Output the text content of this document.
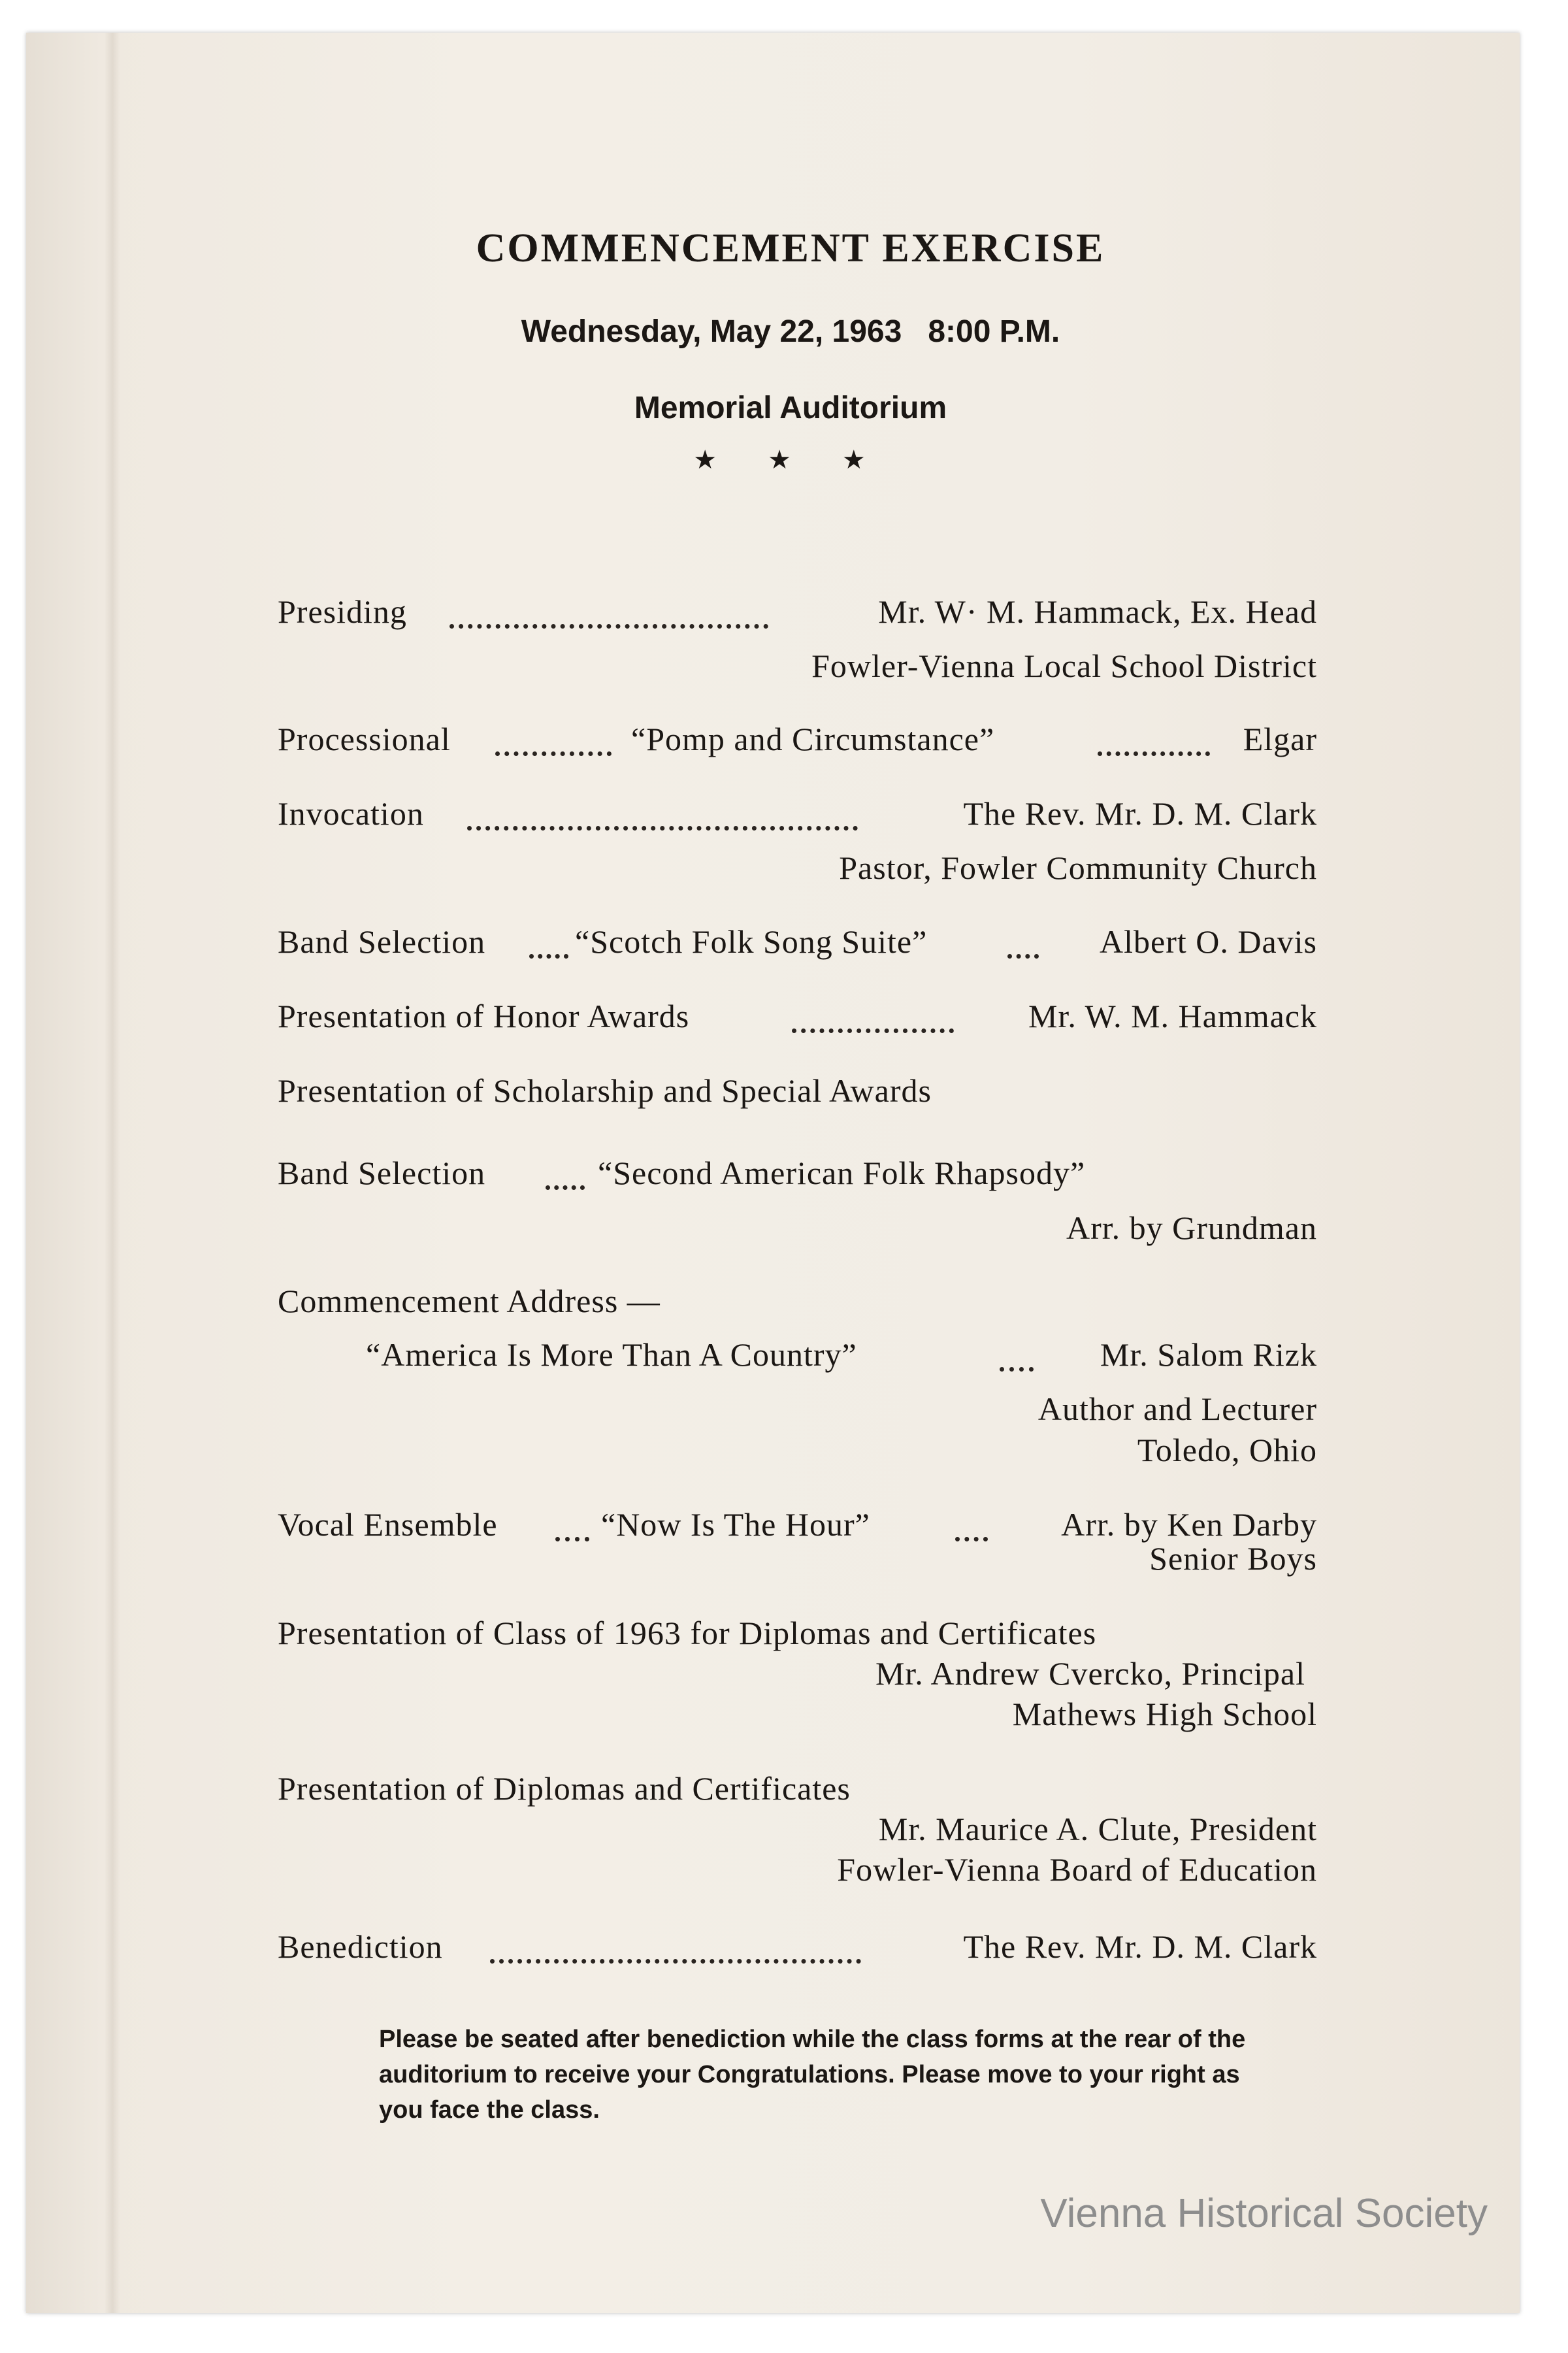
COMMENCEMENT EXERCISE
Wednesday, May 22, 1963 8:00 P.M.
Memorial Auditorium
★ ★ ★
Presiding	Mr. W· M. Hammack, Ex. Head
Fowler-Vienna Local School District
Processional	“Pomp and Circumstance”	Elgar
Invocation	The Rev. Mr. D. M. Clark
Pastor, Fowler Community Church
Band Selection	“Scotch Folk Song Suite”	Albert O. Davis
Presentation of Honor Awards	Mr. W. M. Hammack
Presentation of Scholarship and Special Awards
Band Selection	“Second American Folk Rhapsody”
Arr. by Grundman
Commencement Address —
“America Is More Than A Country”	Mr. Salom Rizk
Author and Lecturer
Toledo, Ohio
Vocal Ensemble	“Now Is The Hour”	Arr. by Ken Darby
Senior Boys
Presentation of Class of 1963 for Diplomas and Certificates
Mr. Andrew Cvercko, Principal
Mathews High School
Presentation of Diplomas and Certificates
Mr. Maurice A. Clute, President
Fowler-Vienna Board of Education
Benediction	The Rev. Mr. D. M. Clark
Please be seated after benediction while the class forms at the rear of the auditorium to receive your Congratulations. Please move to your right as you face the class.
Vienna Historical Society
